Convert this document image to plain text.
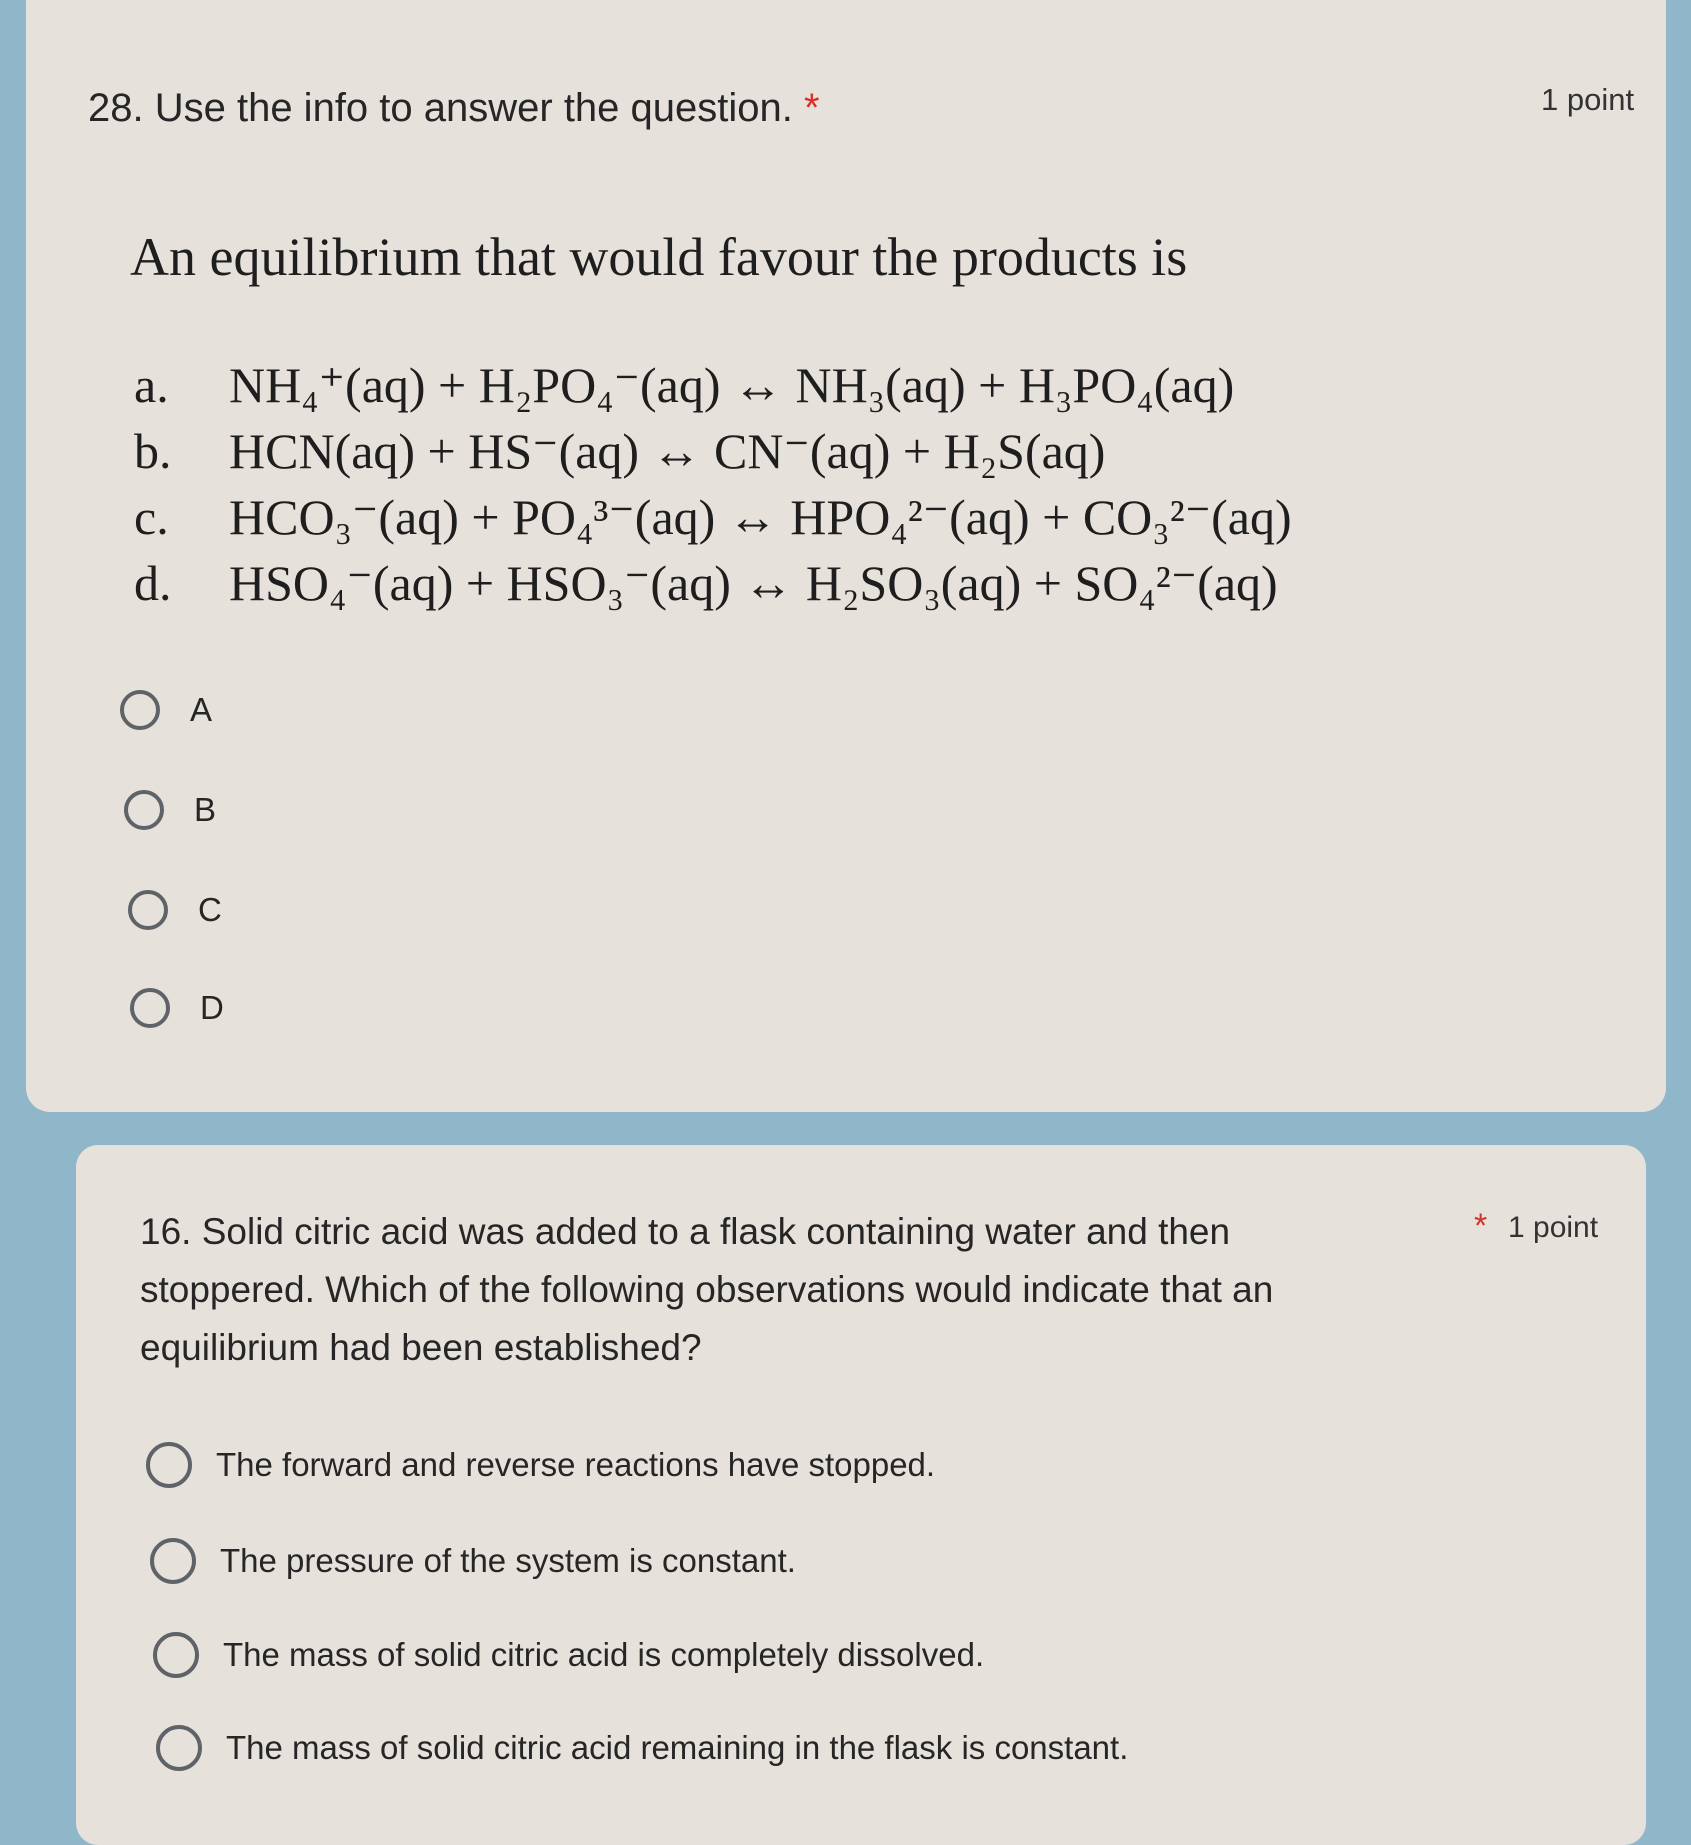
28. Use the info to answer the question. *	1 point
An equilibrium that would favour the products is
a.	NH₄⁺(aq) + H₂PO₄⁻(aq) ↔ NH₃(aq) + H₃PO₄(aq)
b.	HCN(aq) + HS⁻(aq) ↔ CN⁻(aq) + H₂S(aq)
c.	HCO₃⁻(aq) + PO₄³⁻(aq) ↔ HPO₄²⁻(aq) + CO₃²⁻(aq)
d.	HSO₄⁻(aq) + HSO₃⁻(aq) ↔ H₂SO₃(aq) + SO₄²⁻(aq)
A
B
C
D
16. Solid citric acid was added to a flask containing water and then stoppered. Which of the following observations would indicate that an equilibrium had been established?
* 1 point
The forward and reverse reactions have stopped.
The pressure of the system is constant.
The mass of solid citric acid is completely dissolved.
The mass of solid citric acid remaining in the flask is constant.
